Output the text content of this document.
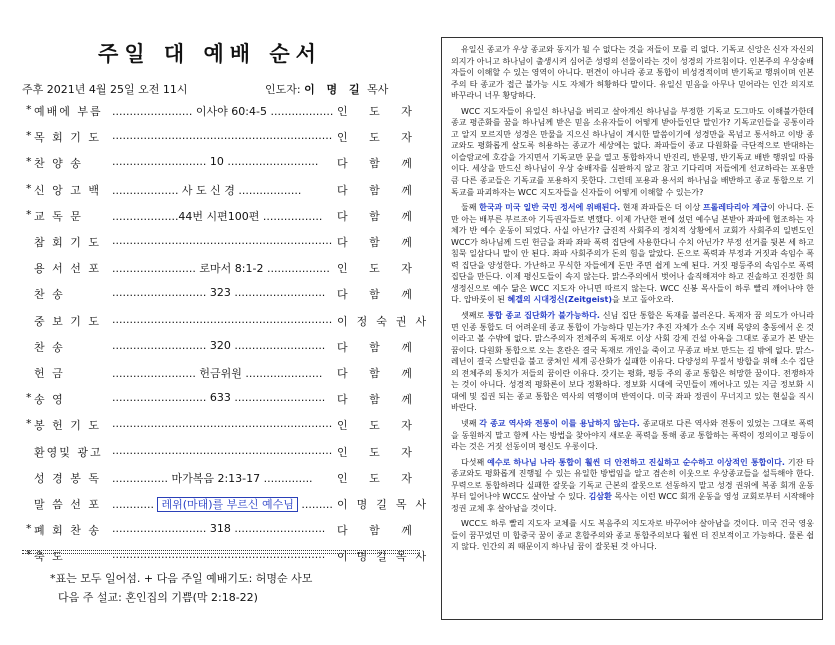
주일 대 예배 순서
주후 2021년 4월 25일 오전 11시	인도자: 이 명 길 목사
* 예배에 부름 ....................... 이사야 60:4-5 .................. 인 도 자
* 목 회 기 도 ............................................................... 인 도 자
* 찬 양 송	........................... 10 .......................... 다 함 께
* 신 앙 고 백 ................... 사 도 신 경 ..................	다 함 께
* 교 독 문	...................44번 시편100편 ................. 다 함 께
참 회 기 도 ............................................................... 다 함 께
용 서 선 포 ........................ 로마서 8:1-2 .................. 인 도 자
찬 송	........................... 323 .......................... 다 함 께
중 보 기 도 ............................................................... 이정숙권사
찬 송	........................... 320 .......................... 다 함 께
헌 금	........................ 헌금위원 ...................... 다 함 께
* 송 영	........................... 633 .......................... 다 함 께
* 봉 헌 기 도 ............................................................... 인 도 자
환영및 광고 ............................................................... 인 도 자
성 경 봉 독 ................ 마가복음 2:13-17 ..............	인 도 자
말 씀 선 포 ............ 레위(마태)를 부르신 예수님 ......... 이명길목사
* 폐 회 찬 송 ........................... 318 .......................... 다 함 께
* 축 도	............................................................. 이명길목사
*표는 모두 일어섬. + 다음 주일 예배기도: 허명순 사모
다음 주 설교: 혼인집의 기쁨(막 2:18-22)

유일신 종교가 우상 종교와 동지가 될 수 없다는 것을 저들이 모를 리 없다. 기독교 신앙은 신자 자신의 의지가 아니고 하나님이 출생시켜 심어준 성령의 선물이라는 것이 성경의 가르침이다. 인본주의 우상숭배자들이 이해할 수 있는 영역이 아니다. 편견이 아니라 종교 통합이 비성경적이며 반기독교 행위이며 인본주의 타 종교가 접근 불가능 시도 자체가 허황하다 말이다. 유일신 믿음을 아무나 믿어라는 인간 의지로 바꾸라니 너무 황당하다.

WCC 지도자들이 유일신 하나님을 버리고 살아계신 하나님을 부정한 기독교 도그마도 이해불가한데 종교 평준화를 꿈을 하나님께 받은 믿음 소유자들이 어떻게 받아들인단 말인가? 기독교인들을 공통이라고 알지 모르지만 성경은 만물을 지으신 하나님이 계시한 말씀이기에 성경만을 목넘고 통서하고 이방 종교와도 평화롭게 살도록 허용하는 종교가 세상에는 없다. 좌파들이 종교 다원화를 극단적으로 반대하는 이슬람교에 호감을 가지면서 기독교만 문을 열고 통합하자니 반진리, 반문명, 반기독교 배반 행위일 따름이다. 세상을 만드신 하나님이 우상 숭배자를 심판하지 않고 참고 기다리며 저들에게 선교하라는 포용만큼 다른 종교들은 기독교를 포용하지 못한다. 그런데 포용과 용서의 하나님을 배반하고 종교 통합으로 기독교를 파괴하자는 WCC 지도자들을 신자들이 어떻게 이해할 수 있는가?

둘째 한국과 미국 일반 국민 정서에 위배된다. 현재 좌파들은 더 이상 프롤레타리아 계급이 아니다. 돈만 아는 배부른 부르조아 기득권자들로 변했다. 이제 가난한 편에 섰던 예수님 본받아 좌파에 협조하는 자체가 반 예수 운동이 되었다. 사실 아닌가? 급진적 사회주의 정치적 상황에서 교회가 사회주의 일변도인 WCC가 하나님께 드린 헌금을 좌파 좌파 폭력 집단에 사용한다니 수치 아닌가? 부정 선거를 뒷본 세 하고 침묵 일삼다니 말이 안 된다. 좌파 사회주의가 돈의 힘을 알았다. 돈으로 폭력과 부정과 거짓과 속임수 폭력 집단을 양성한다. 가난하고 무식한 자들에게 돈만 주면 쉽게 노예 된다. 거짓 평등주의 속임수로 폭력집단을 만든다. 이제 평신도들이 속지 않는다. 맑스주의에서 벗어나 솔직해져야 하고 진솔하고 진정한 희생정신으로 예수 닮은 WCC 지도자 아니면 따르지 않는다. WCC 신봉 목사들이 하루 빨리 깨어나야 한다. 압바룻이 된 혜겔의 시대정신(Zeitgeist)을 보고 돌아오라.

셋째로 통합 종교 집단화가 불가능하다. 신님 집단 통합은 독재를 불러온다. 독재자 꿈 의도가 아니라면 인종 통합도 더 어려운데 종교 통합이 가능하다 믿는가? 추진 자체가 소수 지배 목양의 충동에서 온 것이라고 볼 수밖에 없다. 맑스주의자 전체주의 독재로 이상 사회 강제 건설 아욕을 그대로 종교가 본 받는 꿈이다. 다원화 통합으로 오는 혼란은 결국 독재로 개인을 죽이고 무종교 바보 만드는 길 밖에 없다. 맑스-레닌이 결국 스탈린을 불고 쿵쳐인 세계 공산화가 실패한 이유다. 다양성의 무질서 방합을 위해 소수 집단의 전체주의 통치가 저들의 꿈이란 이유다. 갓기는 평화, 평등 주의 종교 통합은 허망한 꿈이다. 전쟁하자는 것이 아니다. 성경적 평화론이 보다 정확하다. 정보화 시대에 국민들이 깨어나고 있는 지금 정보화 시대에 및 집권 되는 종교 통합은 역사의 역행이며 반역이다. 미국 좌파 정권이 무너지고 있는 현실을 직시 바란다.

넷째 각 종교 역사와 전통이 이를 용납하지 않는다. 종교대로 다른 역사와 전통이 있었는 그대로 폭력을 동원하지 말고 함께 사는 방법을 찾아야지 새로운 폭력을 통해 종교 통합하는 폭력이 정의이고 평등이라는 것은 거짓 선동이며 평신도 우롱이다.

다섯째 예수로 하나님 나라 통합이 훨씬 더 안전하고 진실하고 순수하고 이상적인 통합이다. 기잔 타 종교와도 평화롭게 진행될 수 있는 유일한 방법임을 알고 겸손히 이웃으로 우상종교들을 설득해야 한다. 무력으로 통합하려다 실패한 잘못을 기독교 근본의 잘못으로 선동하지 말고 성경 권위에 복종 회개 운동부터 일어나야 WCC도 살아날 수 있다. 김삼환 목사는 이런 WCC 회개 운동을 영성 교회로부터 시작해야 정권 교체 후 살아남을 것이다.

WCC도 하루 빨리 지도자 교체를 시도 복음주의 지도자로 바꾸어야 살아남을 것이다. 미국 건국 영웅들이 꿈꾸었던 미 합중국 꿈이 종교 혼합주의와 종교 통합주의보다 훨씬 더 진보적이고 가능하다. 물론 쉽지 않다. 인간의 죄 때문이지 하나님 꿈이 잘못된 것 아니다.
